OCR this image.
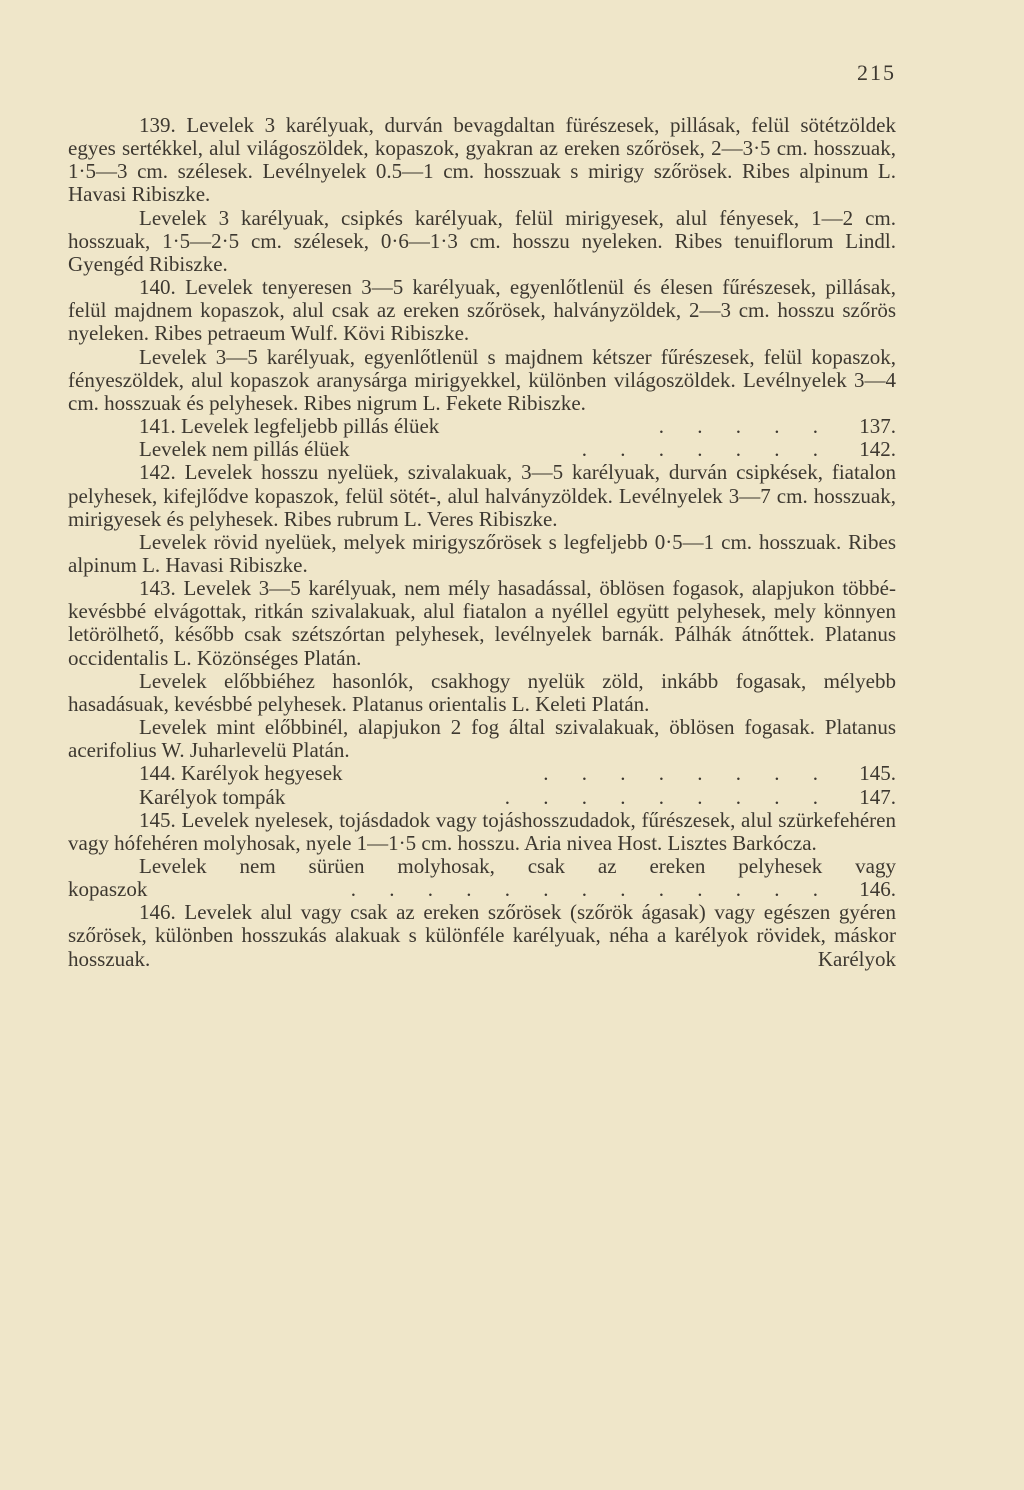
215

139. Levelek 3 karélyuak, durván bevagdaltan fürészesek, pillásak, felül sötétzöldek egyes sertékkel, alul világoszöldek, kopaszok, gyakran az ereken szőrösek, 2—3·5 cm. hosszuak, 1·5—3 cm. szélesek. Levélnyelek 0.5—1 cm. hosszuak s mirigy szőrösek. Ribes alpinum L. Havasi Ribiszke.

Levelek 3 karélyuak, csipkés karélyuak, felül mirigyesek, alul fényesek, 1—2 cm. hosszuak, 1·5—2·5 cm. szélesek, 0·6—1·3 cm. hosszu nyeleken. Ribes tenuiflorum Lindl. Gyengéd Ribiszke.

140. Levelek tenyeresen 3—5 karélyuak, egyenlőtlenül és élesen fűrészesek, pillásak, felül majdnem kopaszok, alul csak az ereken szőrösek, halványzöldek, 2—3 cm. hosszu szőrös nyeleken. Ribes petraeum Wulf. Kövi Ribiszke.

Levelek 3—5 karélyuak, egyenlőtlenül s majdnem kétszer fűrészesek, felül kopaszok, fényeszöldek, alul kopaszok aranysárga mirigyekkel, különben világoszöldek. Levélnyelek 3—4 cm. hosszuak és pelyhesek. Ribes nigrum L. Fekete Ribiszke.

141. Levelek legfeljebb pillás élüek	. . . . .	137.
Levelek nem pillás élüek	. . . . . . .	142.

142. Levelek hosszu nyelüek, szivalakuak, 3—5 karélyuak, durván csipkések, fiatalon pelyhesek, kifejlődve kopaszok, felül sötét-, alul halványzöldek. Levélnyelek 3—7 cm. hosszuak, mirigyesek és pelyhesek. Ribes rubrum L. Veres Ribiszke.

Levelek rövid nyelüek, melyek mirigyszőrösek s legfeljebb 0·5—1 cm. hosszuak. Ribes alpinum L. Havasi Ribiszke.

143. Levelek 3—5 karélyuak, nem mély hasadással, öblösen fogasok, alapjukon többé-kevésbbé elvágottak, ritkán szivalakuak, alul fiatalon a nyéllel együtt pelyhesek, mely könnyen letörölhető, később csak szétszórtan pelyhesek, levélnyelek barnák. Pálhák átnőttek. Platanus occidentalis L. Közönséges Platán.

Levelek előbbiéhez hasonlók, csakhogy nyelük zöld, inkább fogasak, mélyebb hasadásuak, kevésbbé pelyhesek. Platanus orientalis L. Keleti Platán.

Levelek mint előbbinél, alapjukon 2 fog által szivalakuak, öblösen fogasak. Platanus acerifolius W. Juharlevelü Platán.

144. Karélyok hegyesek	. . . . . . . .	145.
Karélyok tompák	. . . . . . . . .	147.

145. Levelek nyelesek, tojásdadok vagy tojáshosszudadok, fűrészesek, alul szürkefehéren vagy hófehéren molyhosak, nyele 1—1·5 cm. hosszu. Aria nivea Host. Lisztes Barkócza.

Levelek nem sürüen molyhosak, csak az ereken pelyhesek vagy

kopaszok	. . . . . . . . . . . . .	146.

146. Levelek alul vagy csak az ereken szőrösek (szőrök ágasak) vagy egészen gyéren szőrösek, különben hosszukás alakuak s különféle karélyuak, néha a karélyok rövidek, máskor hosszuak. Karélyok
